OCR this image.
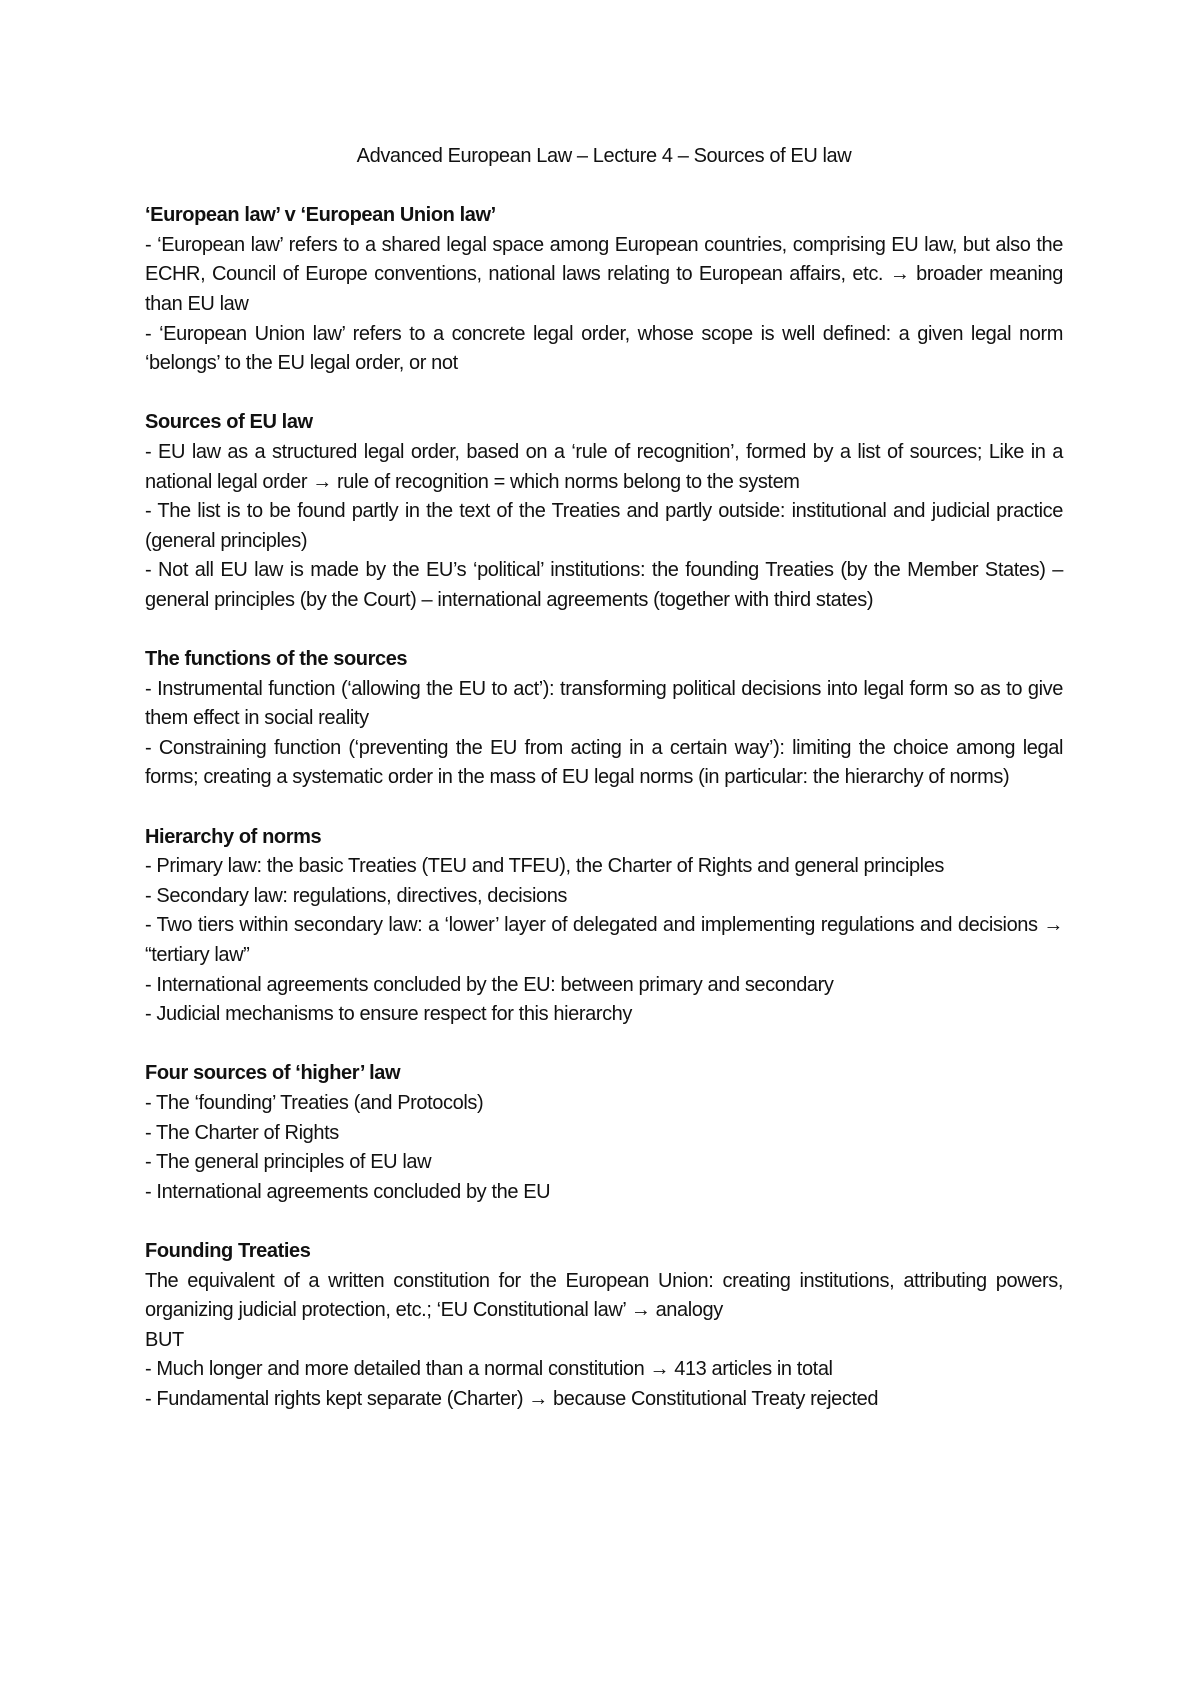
Advanced European Law – Lecture 4 – Sources of EU law

‘European law’ v ‘European Union law’

- ‘European law’ refers to a shared legal space among European countries, comprising EU law, but also the ECHR, Council of Europe conventions, national laws relating to European affairs, etc. → broader meaning than EU law

- ‘European Union law’ refers to a concrete legal order, whose scope is well defined: a given legal norm ‘belongs’ to the EU legal order, or not

Sources of EU law

- EU law as a structured legal order, based on a ‘rule of recognition’, formed by a list of sources; Like in a national legal order → rule of recognition = which norms belong to the system

- The list is to be found partly in the text of the Treaties and partly outside: institutional and judicial practice (general principles)

- Not all EU law is made by the EU’s ‘political’ institutions: the founding Treaties (by the Member States) – general principles (by the Court) – international agreements (together with third states)

The functions of the sources

- Instrumental function (‘allowing the EU to act’): transforming political decisions into legal form so as to give them effect in social reality

- Constraining function (‘preventing the EU from acting in a certain way’): limiting the choice among legal forms; creating a systematic order in the mass of EU legal norms (in particular: the hierarchy of norms)

Hierarchy of norms

- Primary law: the basic Treaties (TEU and TFEU), the Charter of Rights and general principles

- Secondary law: regulations, directives, decisions

- Two tiers within secondary law: a ‘lower’ layer of delegated and implementing regulations and decisions → “tertiary law”

- International agreements concluded by the EU: between primary and secondary

- Judicial mechanisms to ensure respect for this hierarchy

Four sources of ‘higher’ law

- The ‘founding’ Treaties (and Protocols)

- The Charter of Rights

- The general principles of EU law

- International agreements concluded by the EU

Founding Treaties

The equivalent of a written constitution for the European Union: creating institutions, attributing powers, organizing judicial protection, etc.; ‘EU Constitutional law’ → analogy

BUT

- Much longer and more detailed than a normal constitution → 413 articles in total

- Fundamental rights kept separate (Charter) → because Constitutional Treaty rejected
